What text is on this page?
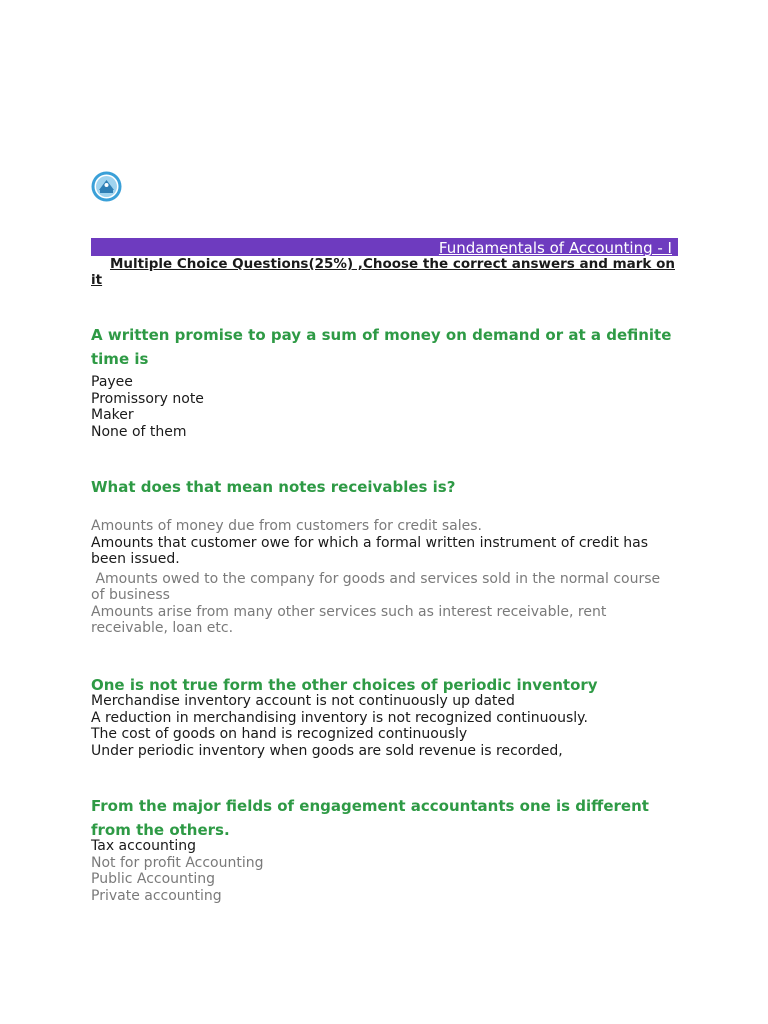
Fundamentals of Accounting - I
Multiple Choice Questions(25%) ,Choose the correct answers and mark on it
A written promise to pay a sum of money on demand or at a definite time is
Payee
Promissory note
Maker
None of them
What does that mean notes receivables is?
Amounts of money due from customers for credit sales.
Amounts that customer owe for which a formal written instrument of credit has been issued.
Amounts owed to the company for goods and services sold in the normal course of business
Amounts arise from many other services such as interest receivable, rent receivable, loan etc.
One is not true form the other choices of periodic inventory
Merchandise inventory account is not continuously up dated
A reduction in merchandising inventory is not recognized continuously.
The cost of goods on hand is recognized continuously
Under periodic inventory when goods are sold revenue is recorded,
From the major fields of engagement accountants one is different from the others.
Tax accounting
Not for profit Accounting
Public Accounting
Private accounting
